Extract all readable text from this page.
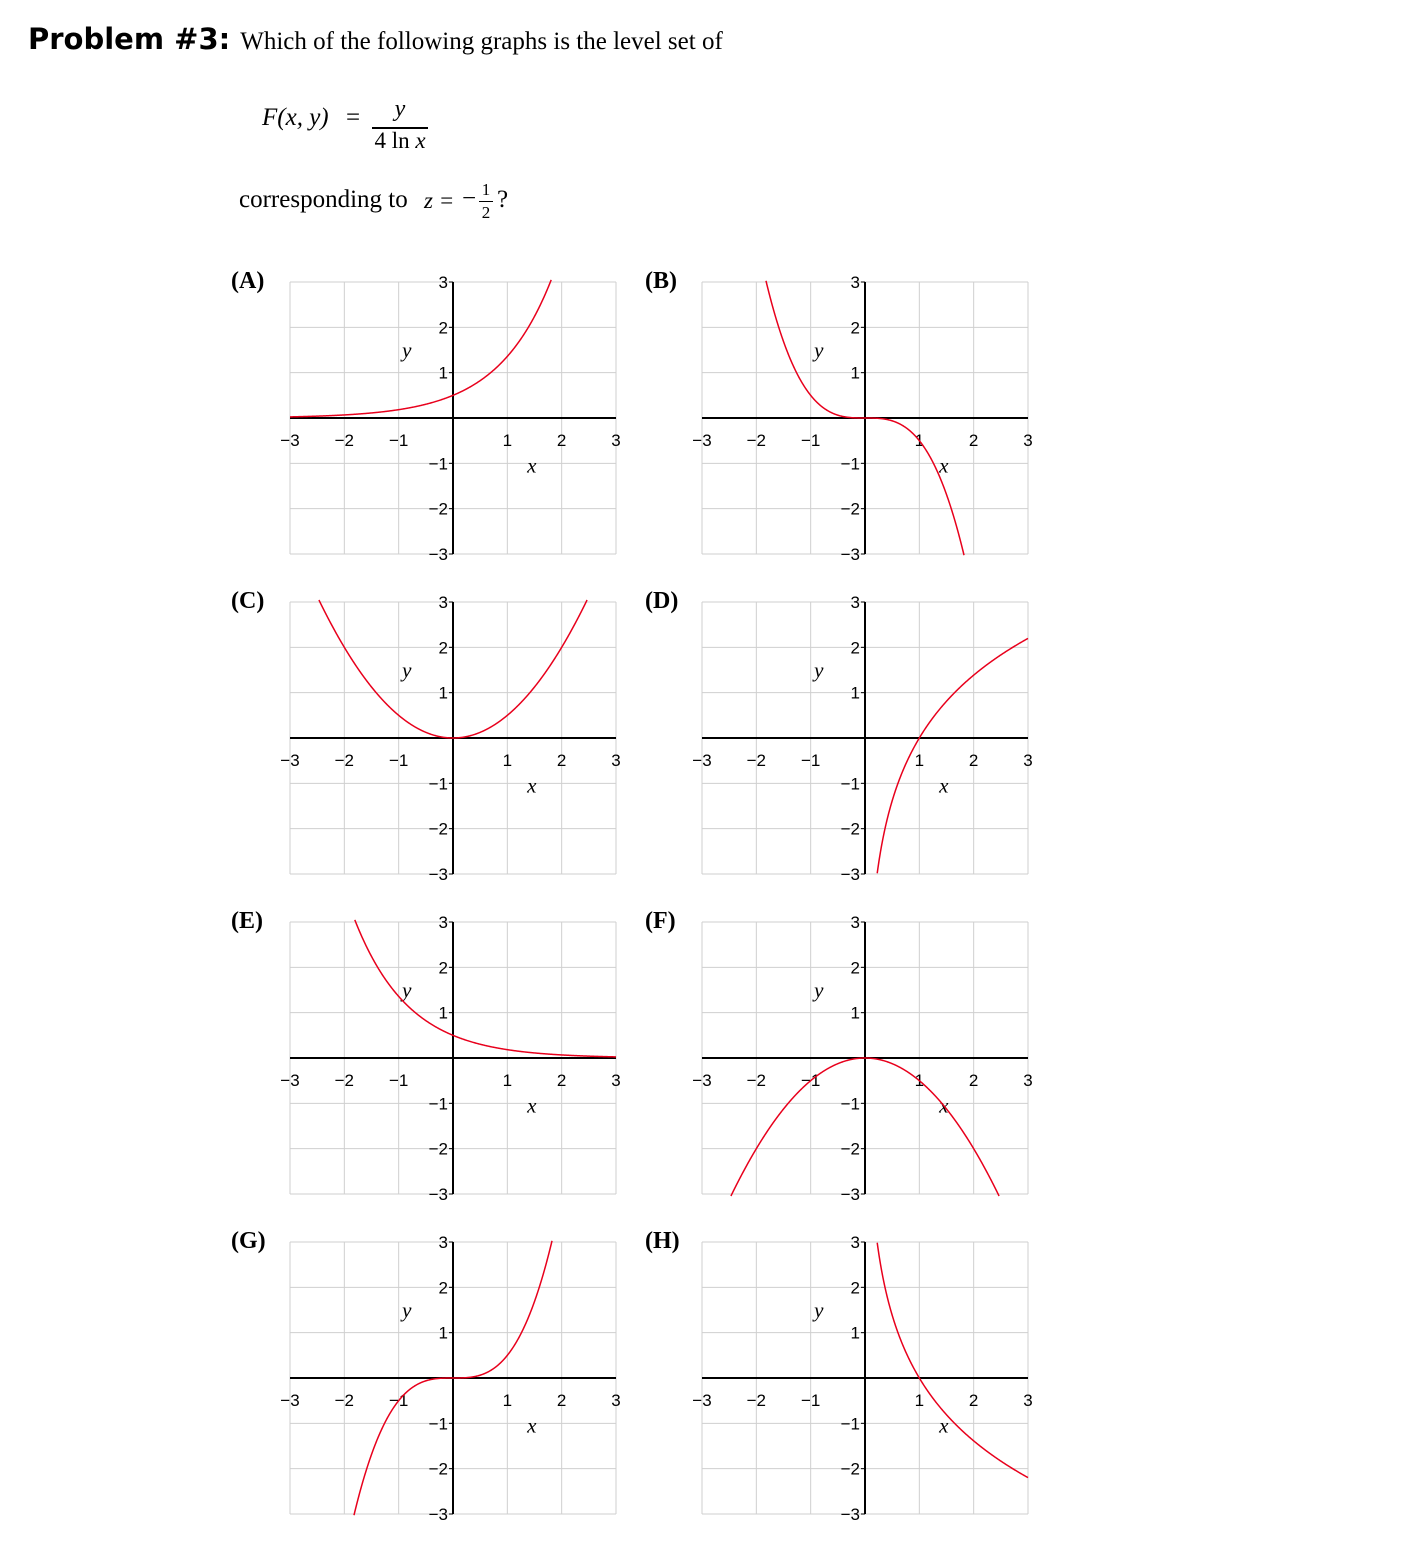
Problem #3: Which of the following graphs is the level set of
F(x, y) =	y
4 ln x
corresponding to z = − 1
2 ?
(A)	(B)
(C)	(D)
(E)	(F)
(G)	(H)
−3 −2 −1	1	2	3
3
2
1
−1
−2
−3
x
y
−3 −2 −1	1	2	3
3
2
1
−1
−2
−3
x
y
−3 −2 −1	1	2	3
3
2
1
−1
−2
−3
x
y
−3 −2 −1	1	2	3
3
2
1
−1
−2
−3
x
y
−3 −2 −1	1	2	3
3
2
1
−1
−2
−3
x
y
−3 −2 −1	1	2	3
3
2
1
−1
−2
−3
x
y
−3 −2 −1	1	2	3
3
2
1
−1
−2
−3
x
y
−3 −2 −1	1	2	3
3
2
1
−1
−2
−3
x
y
